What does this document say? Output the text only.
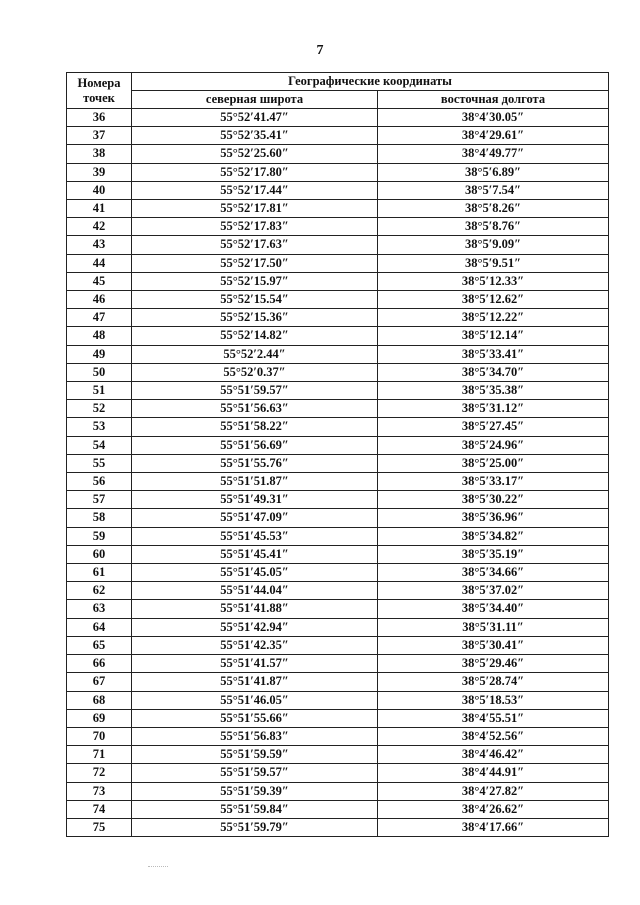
7
Номера
точек	Географические координаты	
	северная широта	восточная долгота
36	55°52′41.47″	38°4′30.05″
37	55°52′35.41″	38°4′29.61″
38	55°52′25.60″	38°4′49.77″
39	55°52′17.80″	38°5′6.89″
40	55°52′17.44″	38°5′7.54″
41	55°52′17.81″	38°5′8.26″
42	55°52′17.83″	38°5′8.76″
43	55°52′17.63″	38°5′9.09″
44	55°52′17.50″	38°5′9.51″
45	55°52′15.97″	38°5′12.33″
46	55°52′15.54″	38°5′12.62″
47	55°52′15.36″	38°5′12.22″
48	55°52′14.82″	38°5′12.14″
49	55°52′2.44″	38°5′33.41″
50	55°52′0.37″	38°5′34.70″
51	55°51′59.57″	38°5′35.38″
52	55°51′56.63″	38°5′31.12″
53	55°51′58.22″	38°5′27.45″
54	55°51′56.69″	38°5′24.96″
55	55°51′55.76″	38°5′25.00″
56	55°51′51.87″	38°5′33.17″
57	55°51′49.31″	38°5′30.22″
58	55°51′47.09″	38°5′36.96″
59	55°51′45.53″	38°5′34.82″
60	55°51′45.41″	38°5′35.19″
61	55°51′45.05″	38°5′34.66″
62	55°51′44.04″	38°5′37.02″
63	55°51′41.88″	38°5′34.40″
64	55°51′42.94″	38°5′31.11″
65	55°51′42.35″	38°5′30.41″
66	55°51′41.57″	38°5′29.46″
67	55°51′41.87″	38°5′28.74″
68	55°51′46.05″	38°5′18.53″
69	55°51′55.66″	38°4′55.51″
70	55°51′56.83″	38°4′52.56″
71	55°51′59.59″	38°4′46.42″
72	55°51′59.57″	38°4′44.91″
73	55°51′59.39″	38°4′27.82″
74	55°51′59.84″	38°4′26.62″
75	55°51′59.79″	38°4′17.66″
